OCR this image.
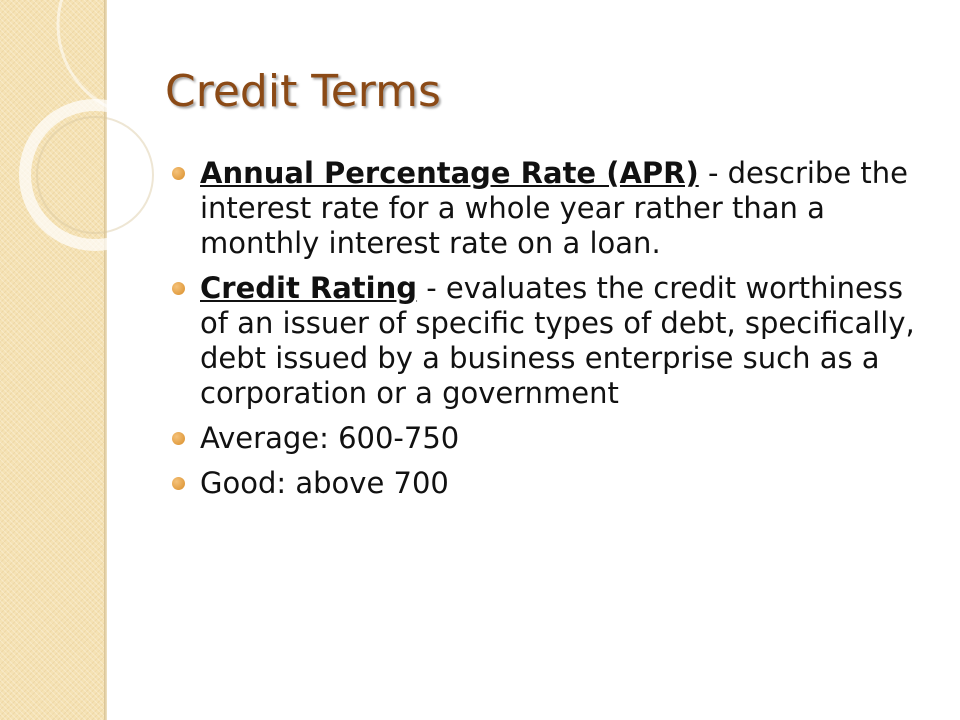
Credit Terms
Annual Percentage Rate (APR) - describe the interest rate for a whole year rather than a monthly interest rate on a loan.
Credit Rating - evaluates the credit worthiness of an issuer of specific types of debt, specifically, debt issued by a business enterprise such as a corporation or a government
Average: 600-750
Good: above 700
